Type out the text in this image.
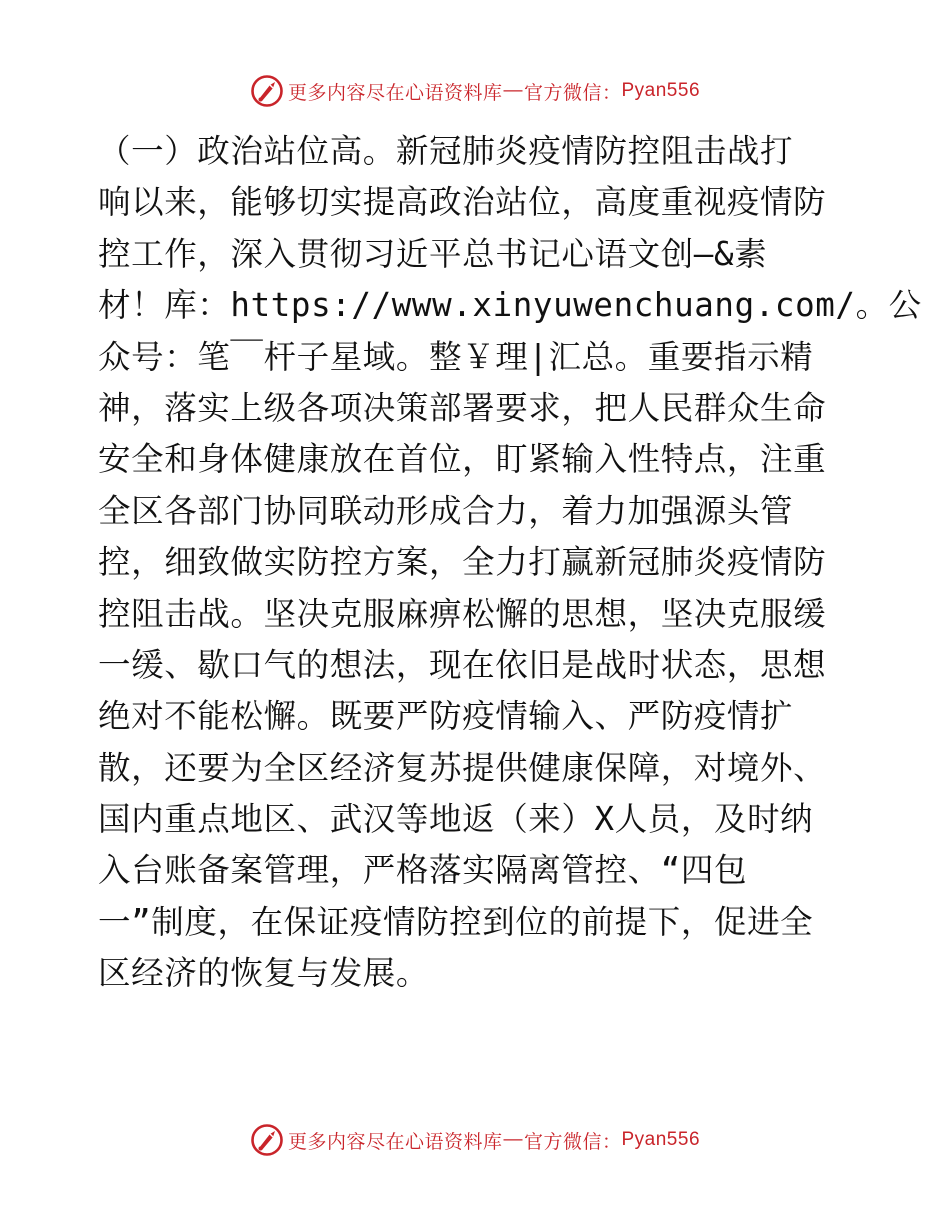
更多内容尽在心语资料库 — 官方微信： Pyan556
（一）政治站位高。新冠肺炎疫情防控阻击战打
响以来，能够切实提高政治站位，高度重视疫情防
控工作，深入贯彻习近平总书记心语文创—&素
材！库：https://www.xinyuwenchuang.com/。公
众号：笔￣杆子星域。整￥理|汇总。重要指示精
神，落实上级各项决策部署要求，把人民群众生命
安全和身体健康放在首位，盯紧输入性特点，注重
全区各部门协同联动形成合力，着力加强源头管
控，细致做实防控方案，全力打赢新冠肺炎疫情防
控阻击战。坚决克服麻痹松懈的思想，坚决克服缓
一缓、歇口气的想法，现在依旧是战时状态，思想
绝对不能松懈。既要严防疫情输入、严防疫情扩
散，还要为全区经济复苏提供健康保障，对境外、
国内重点地区、武汉等地返（来）X人员，及时纳
入台账备案管理，严格落实隔离管控、“四包
一”制度，在保证疫情防控到位的前提下，促进全
区经济的恢复与发展。
更多内容尽在心语资料库 — 官方微信： Pyan556
